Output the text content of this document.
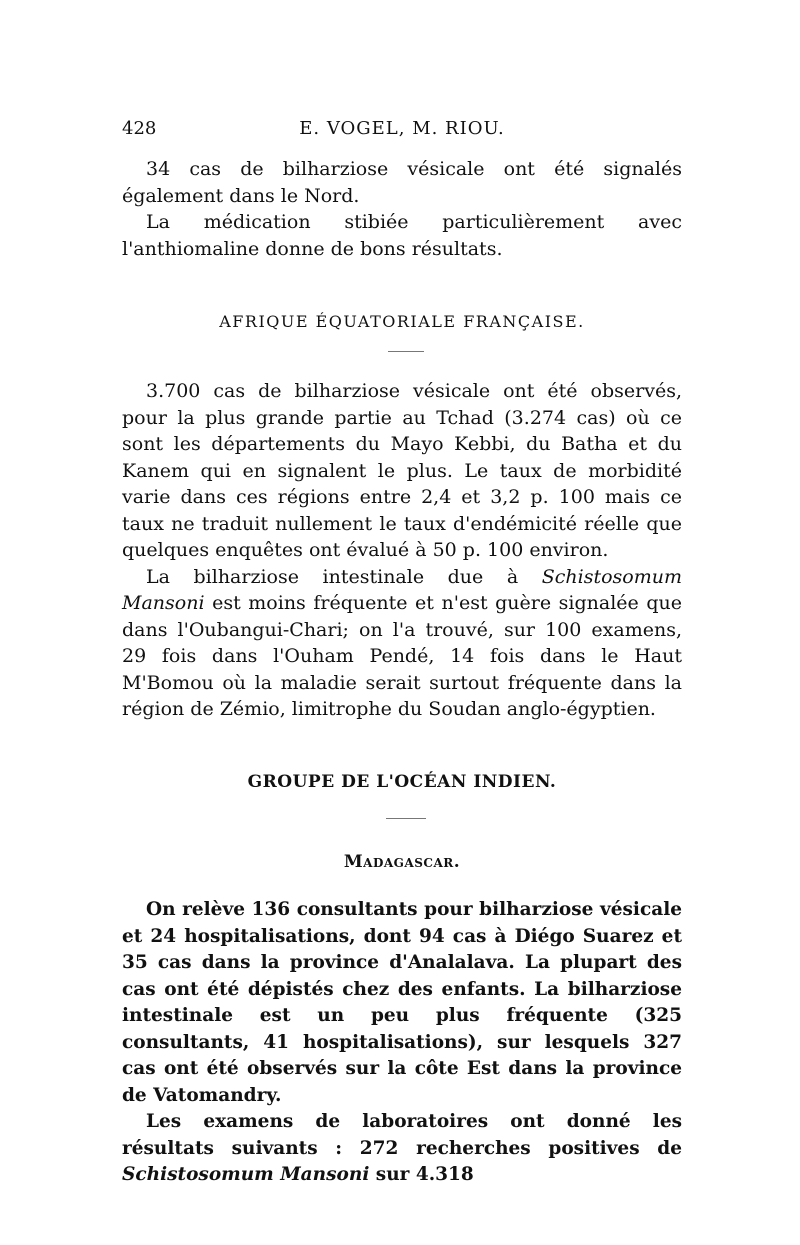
428	E. VOGEL, M. RIOU.

34 cas de bilharziose vésicale ont été signalés également dans le Nord.

La médication stibiée particulièrement avec l'anthiomaline donne de bons résultats.

AFRIQUE ÉQUATORIALE FRANÇAISE.

3.700 cas de bilharziose vésicale ont été observés, pour la plus grande partie au Tchad (3.274 cas) où ce sont les départements du Mayo Kebbi, du Batha et du Kanem qui en signalent le plus. Le taux de morbidité varie dans ces régions entre 2,4 et 3,2 p. 100 mais ce taux ne traduit nullement le taux d'endémicité réelle que quelques enquêtes ont évalué à 50 p. 100 environ.

La bilharziose intestinale due à Schistosomum Mansoni est moins fréquente et n'est guère signalée que dans l'Oubangui-Chari; on l'a trouvé, sur 100 examens, 29 fois dans l'Ouham Pendé, 14 fois dans le Haut M'Bomou où la maladie serait surtout fréquente dans la région de Zémio, limitrophe du Soudan anglo-égyptien.

GROUPE DE L'OCÉAN INDIEN.
Madagascar.

On relève 136 consultants pour bilharziose vésicale et 24 hospitalisations, dont 94 cas à Diégo Suarez et 35 cas dans la province d'Analalava. La plupart des cas ont été dépistés chez des enfants. La bilharziose intestinale est un peu plus fréquente (325 consultants, 41 hospitalisations), sur lesquels 327 cas ont été observés sur la côte Est dans la province de Vatomandry.

Les examens de laboratoires ont donné les résultats suivants : 272 recherches positives de Schistosomum Mansoni sur 4.318
